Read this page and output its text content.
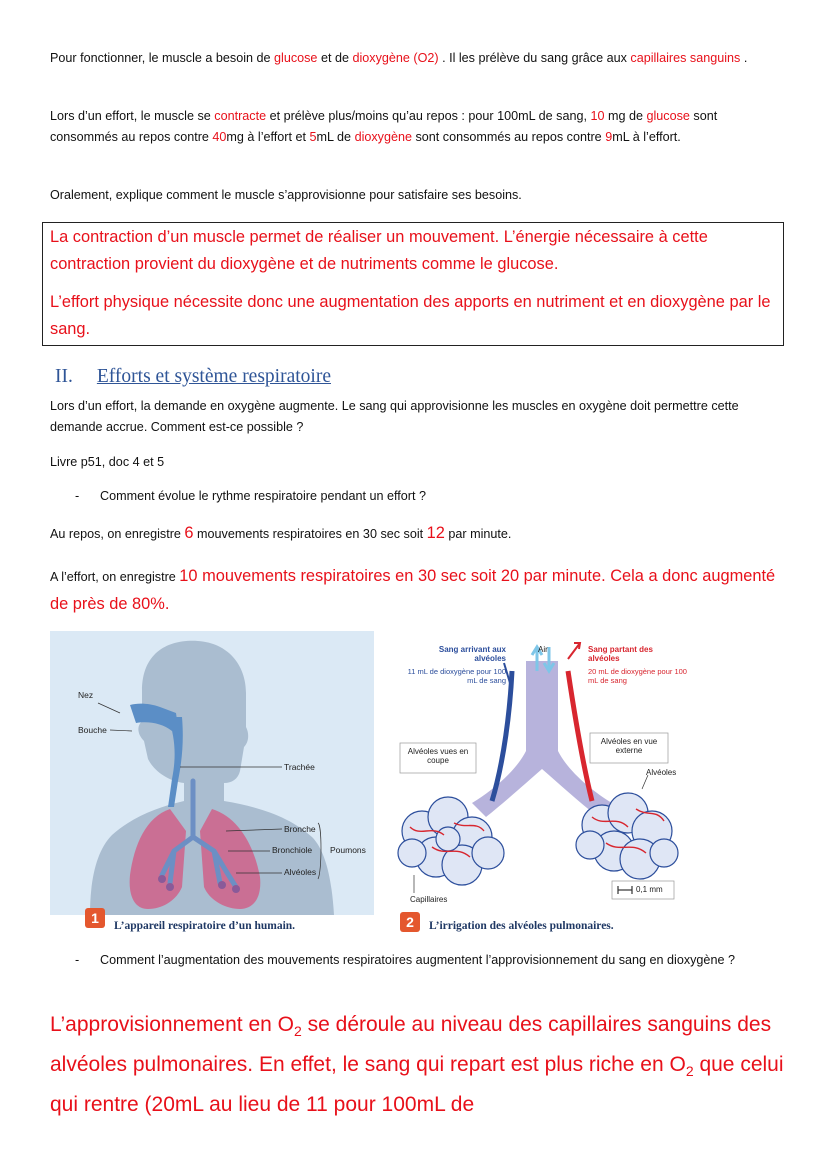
Pour fonctionner, le muscle a besoin de glucose et de dioxygène (O2) . Il les prélève du sang grâce aux capillaires sanguins .

Lors d’un effort, le muscle se contracte et prélève plus/moins qu’au repos : pour 100mL de sang, 10 mg de glucose sont consommés au repos contre 40mg à l’effort et 5mL de dioxygène sont consommés au repos contre 9mL à l’effort.

Oralement, explique comment le muscle s’approvisionne pour satisfaire ses besoins.

La contraction d’un muscle permet de réaliser un mouvement. L’énergie nécessaire à cette contraction provient du dioxygène et de nutriments comme le glucose.

L’effort physique nécessite donc une augmentation des apports en nutriment et en dioxygène par le sang.

II. Efforts et système respiratoire

Lors d’un effort, la demande en oxygène augmente. Le sang qui approvisionne les muscles en oxygène doit permettre cette demande accrue. Comment est-ce possible ?

Livre p51, doc 4 et 5

- Comment évolue le rythme respiratoire pendant un effort ?

Au repos, on enregistre 6 mouvements respiratoires en 30 sec soit 12 par minute.

A l’effort, on enregistre 10 mouvements respiratoires en 30 sec soit 20 par minute. Cela a donc augmenté de près de 80%.

Nez
Bouche
Trachée
Bronche
Bronchiole
Alvéoles
Poumons
1	L’appareil respiratoire d’un humain.
Sang arrivant aux alvéoles
11 mL de dioxygène pour 100 mL de sang
Air	Sang partant des alvéoles
20 mL de dioxygène pour 100 mL de sang
Alvéoles vues en coupe
Alvéoles en vue externe
Alvéoles
Capillaires
0,1 mm
2	L’irrigation des alvéoles pulmonaires.
- Comment l’augmentation des mouvements respiratoires augmentent l’approvisionnement du sang en dioxygène ?

L’approvisionnement en $O_2$ se déroule au niveau des capillaires sanguins des alvéoles pulmonaires. En effet, le sang qui repart est plus riche en $O_2$ que celui qui rentre (20mL au lieu de 11 pour 100mL de
